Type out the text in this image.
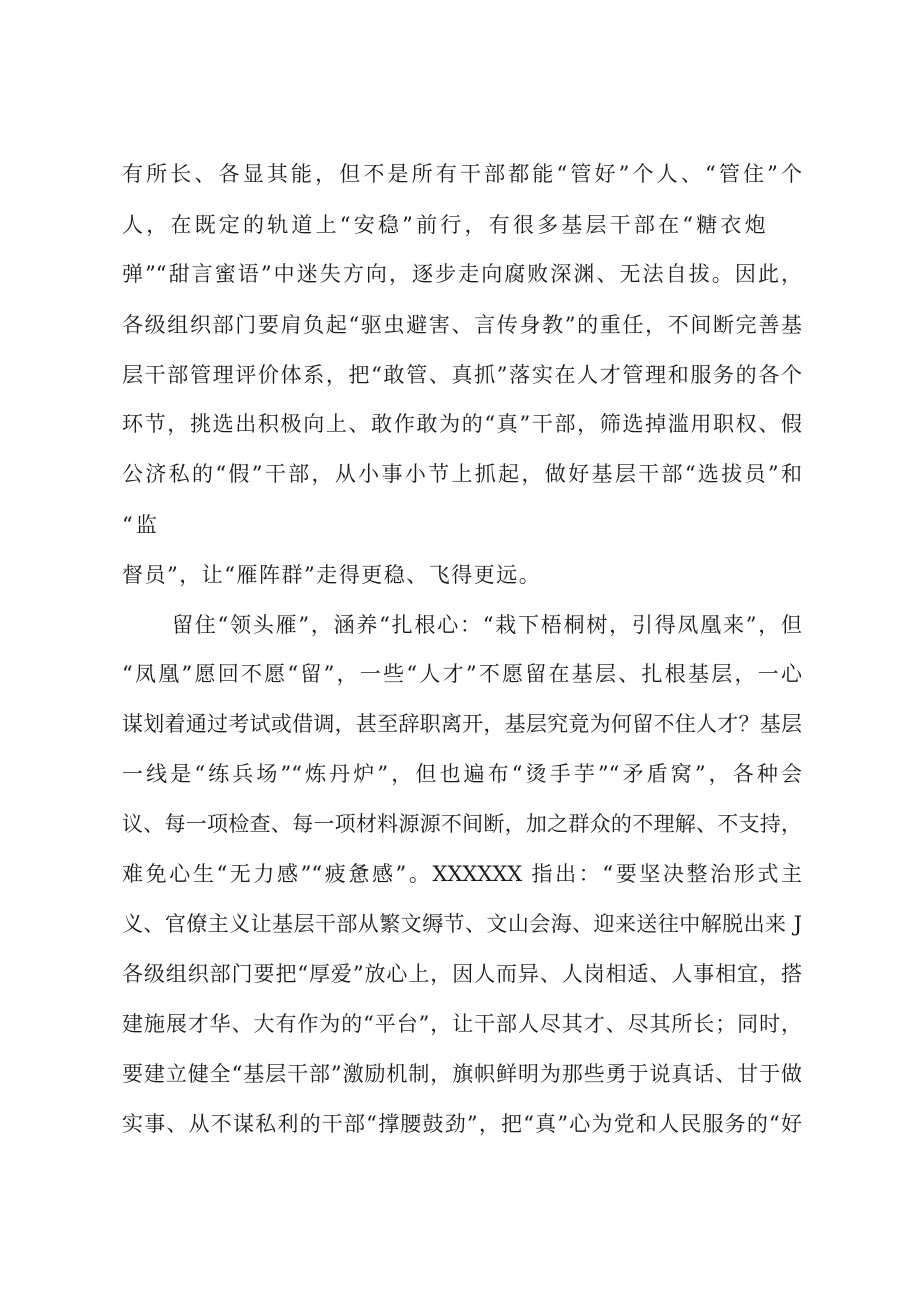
有所长、各显其能，但不是所有干部都能“管好”个人、“管住”个
人，在既定的轨道上“安稳”前行，有很多基层干部在“糖衣炮
弹”“甜言蜜语”中迷失方向，逐步走向腐败深渊、无法自拔。因此，
各级组织部门要肩负起“驱虫避害、言传身教”的重任，不间断完善基
层干部管理评价体系，把“敢管、真抓”落实在人才管理和服务的各个
环节，挑选出积极向上、敢作敢为的“真”干部，筛选掉滥用职权、假
公济私的“假”干部，从小事小节上抓起，做好基层干部“选拔员”和
“监
督员”，让“雁阵群”走得更稳、飞得更远。
留住“领头雁”，涵养“扎根心：“栽下梧桐树，引得凤凰来”，但
“凤凰”愿回不愿“留”，一些“人才”不愿留在基层、扎根基层，一心
谋划着通过考试或借调，甚至辞职离开，基层究竟为何留不住人才？基层
一线是“练兵场”“炼丹炉”，但也遍布“烫手芋”“矛盾窝”，各种会
议、每一项检查、每一项材料源源不间断，加之群众的不理解、不支持，
难免心生“无力感”“疲惫感”。XXXXXX 指出：“要坚决整治形式主
义、官僚主义让基层干部从繁文缛节、文山会海、迎来送往中解脱出来 J
各级组织部门要把“厚爱”放心上，因人而异、人岗相适、人事相宜，搭
建施展才华、大有作为的“平台”，让干部人尽其才、尽其所长；同时，
要建立健全“基层干部”激励机制，旗帜鲜明为那些勇于说真话、甘于做
实事、从不谋私利的干部“撑腰鼓劲”，把“真”心为党和人民服务的“好
